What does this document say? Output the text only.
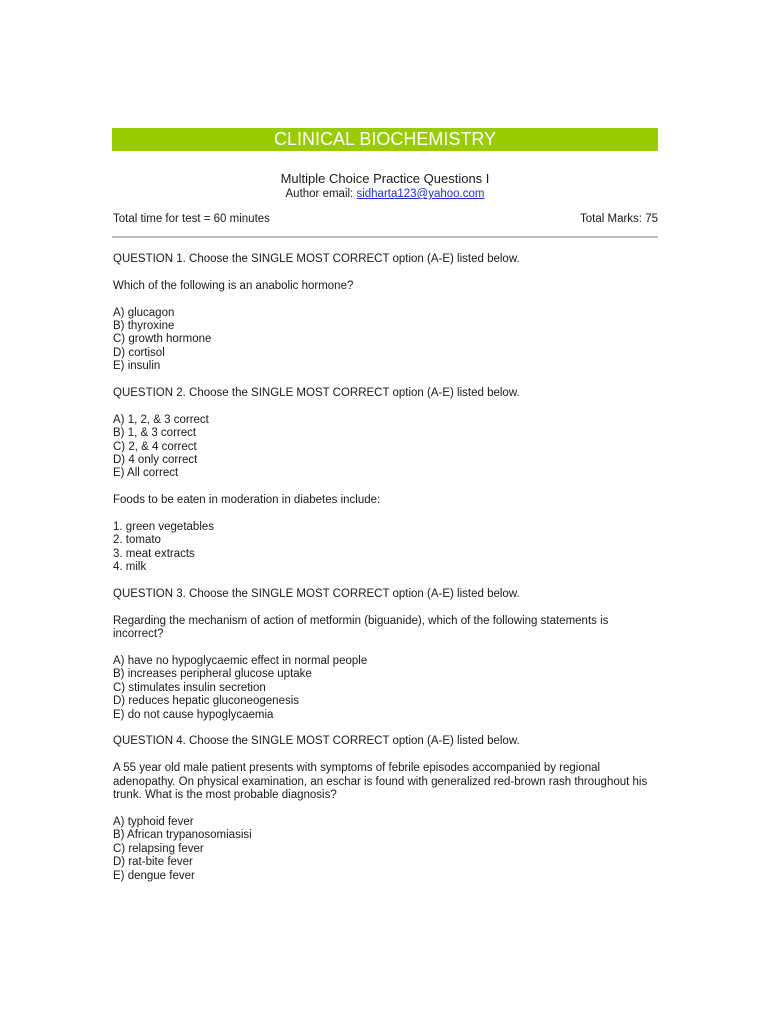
CLINICAL BIOCHEMISTRY
Multiple Choice Practice Questions I
Author email: sidharta123@yahoo.com
Total time for test = 60 minutes	Total Marks: 75
QUESTION 1. Choose the SINGLE MOST CORRECT option (A-E) listed below.
Which of the following is an anabolic hormone?
A) glucagon
B) thyroxine
C) growth hormone
D) cortisol
E) insulin
QUESTION 2. Choose the SINGLE MOST CORRECT option (A-E) listed below.
A) 1, 2, & 3 correct
B) 1, & 3 correct
C) 2, & 4 correct
D) 4 only correct
E) All correct
Foods to be eaten in moderation in diabetes include:
1. green vegetables
2. tomato
3. meat extracts
4. milk
QUESTION 3. Choose the SINGLE MOST CORRECT option (A-E) listed below.
Regarding the mechanism of action of metformin (biguanide), which of the following statements is incorrect?
A) have no hypoglycaemic effect in normal people
B) increases peripheral glucose uptake
C) stimulates insulin secretion
D) reduces hepatic gluconeogenesis
E) do not cause hypoglycaemia
QUESTION 4. Choose the SINGLE MOST CORRECT option (A-E) listed below.
A 55 year old male patient presents with symptoms of febrile episodes accompanied by regional adenopathy. On physical examination, an eschar is found with generalized red-brown rash throughout his trunk. What is the most probable diagnosis?
A) typhoid fever
B) African trypanosomiasisi
C) relapsing fever
D) rat-bite fever
E) dengue fever
